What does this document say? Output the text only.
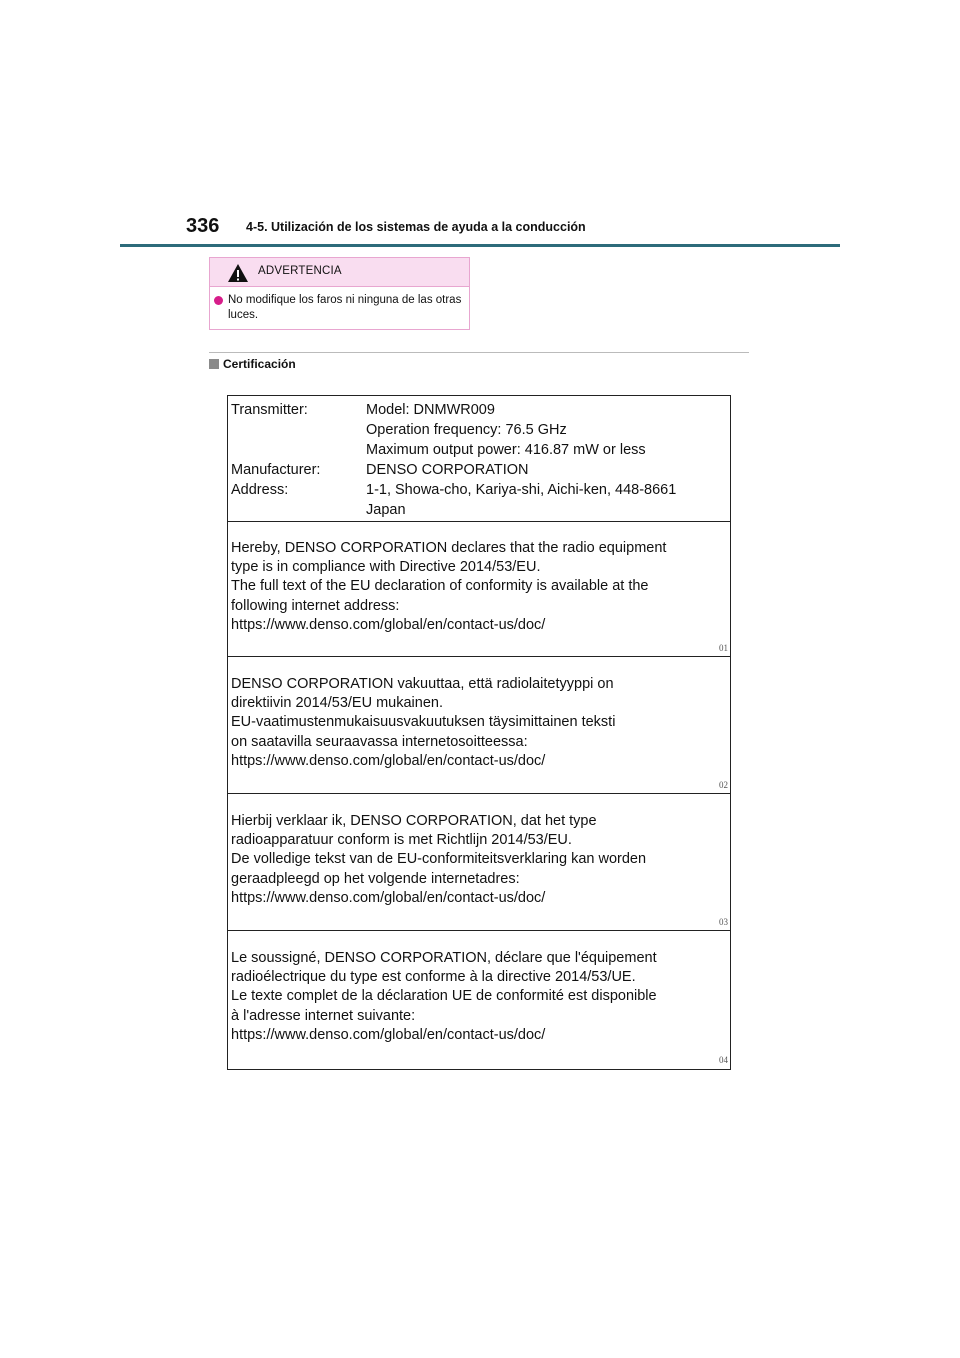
336 4-5. Utilización de los sistemas de ayuda a la conducción
ADVERTENCIA
No modifique los faros ni ninguna de las otras luces.
Certificación
Transmitter:	Model: DNMWR009
Operation frequency: 76.5 GHz
Maximum output power: 416.87 mW or less
Manufacturer:	DENSO CORPORATION
Address:	1-1, Showa-cho, Kariya-shi, Aichi-ken, 448-8661
Japan
Hereby, DENSO CORPORATION declares that the radio equipment
type is in compliance with Directive 2014/53/EU.
The full text of the EU declaration of conformity is available at the
following internet address:
https://www.denso.com/global/en/contact-us/doc/
01
DENSO CORPORATION vakuuttaa, että radiolaitetyyppi on
direktiivin 2014/53/EU mukainen.
EU-vaatimustenmukaisuusvakuutuksen täysimittainen teksti
on saatavilla seuraavassa internetosoitteessa:
https://www.denso.com/global/en/contact-us/doc/
02
Hierbij verklaar ik, DENSO CORPORATION, dat het type
radioapparatuur conform is met Richtlijn 2014/53/EU.
De volledige tekst van de EU-conformiteitsverklaring kan worden
geraadpleegd op het volgende internetadres:
https://www.denso.com/global/en/contact-us/doc/
03
Le soussigné, DENSO CORPORATION, déclare que l'équipement
radioélectrique du type est conforme à la directive 2014/53/UE.
Le texte complet de la déclaration UE de conformité est disponible
à l'adresse internet suivante:
https://www.denso.com/global/en/contact-us/doc/
04
